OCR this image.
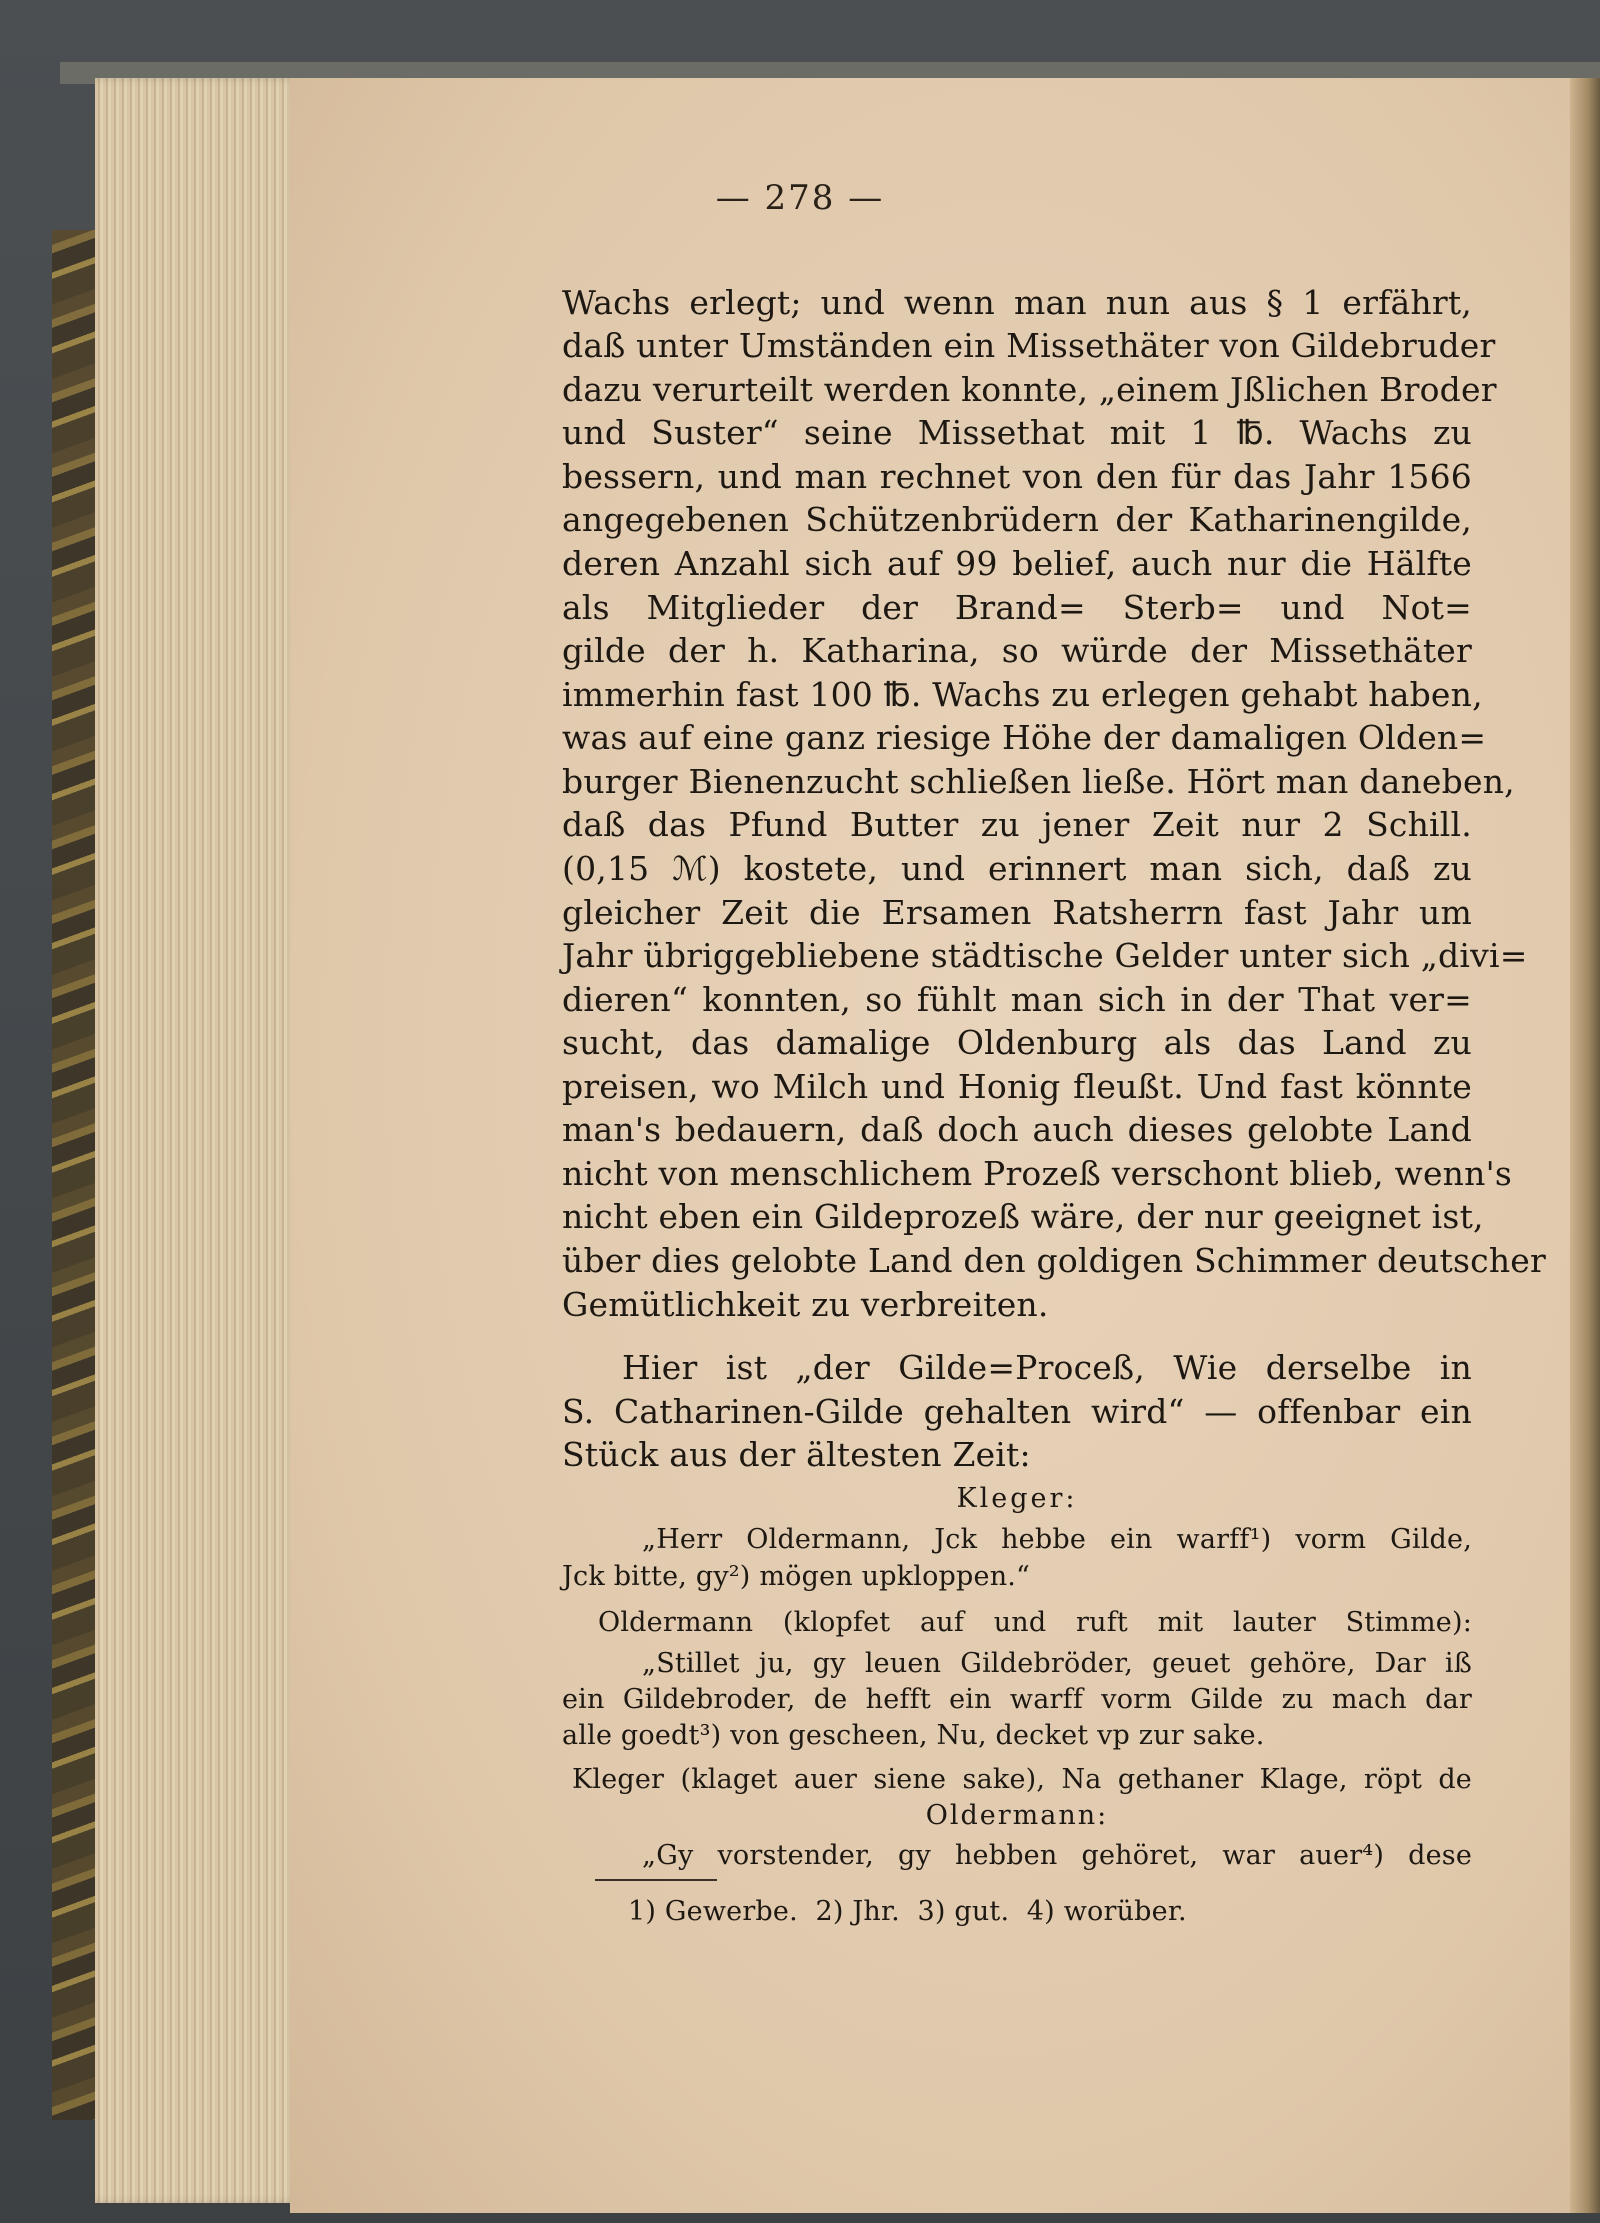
— 278 —
Wachs erlegt; und wenn man nun aus § 1 erfährt,
daß unter Umständen ein Missethäter von Gildebruder
dazu verurteilt werden konnte, „einem Jßlichen Broder
und Suster“ seine Missethat mit 1 ℔. Wachs zu
bessern, und man rechnet von den für das Jahr 1566
angegebenen Schützenbrüdern der Katharinengilde,
deren Anzahl sich auf 99 belief, auch nur die Hälfte
als Mitglieder der Brand= Sterb= und Not=
gilde der h. Katharina, so würde der Missethäter
immerhin fast 100 ℔. Wachs zu erlegen gehabt haben,
was auf eine ganz riesige Höhe der damaligen Olden=
burger Bienenzucht schließen ließe. Hört man daneben,
daß das Pfund Butter zu jener Zeit nur 2 Schill.
(0,15 ℳ) kostete, und erinnert man sich, daß zu
gleicher Zeit die Ersamen Ratsherrn fast Jahr um
Jahr übriggebliebene städtische Gelder unter sich „divi=
dieren“ konnten, so fühlt man sich in der That ver=
sucht, das damalige Oldenburg als das Land zu
preisen, wo Milch und Honig fleußt. Und fast könnte
man's bedauern, daß doch auch dieses gelobte Land
nicht von menschlichem Prozeß verschont blieb, wenn's
nicht eben ein Gildeprozeß wäre, der nur geeignet ist,
über dies gelobte Land den goldigen Schimmer deutscher
Gemütlichkeit zu verbreiten.
Hier ist „der Gilde=Proceß, Wie derselbe in
S. Catharinen-Gilde gehalten wird“ — offenbar ein
Stück aus der ältesten Zeit:
Kleger:
„Herr Oldermann, Jck hebbe ein warff¹) vorm Gilde,
Jck bitte, gy²) mögen upkloppen.“
Oldermann (klopfet auf und ruft mit lauter Stimme):
„Stillet ju, gy leuen Gildebröder, geuet gehöre, Dar iß
ein Gildebroder, de hefft ein warff vorm Gilde zu mach dar
alle goedt³) von gescheen, Nu, decket vp zur sake.
Kleger (klaget auer siene sake), Na gethaner Klage, röpt de
Oldermann:
„Gy vorstender, gy hebben gehöret, war auer⁴) dese
1) Gewerbe.  2) Jhr.  3) gut.  4) worüber.
